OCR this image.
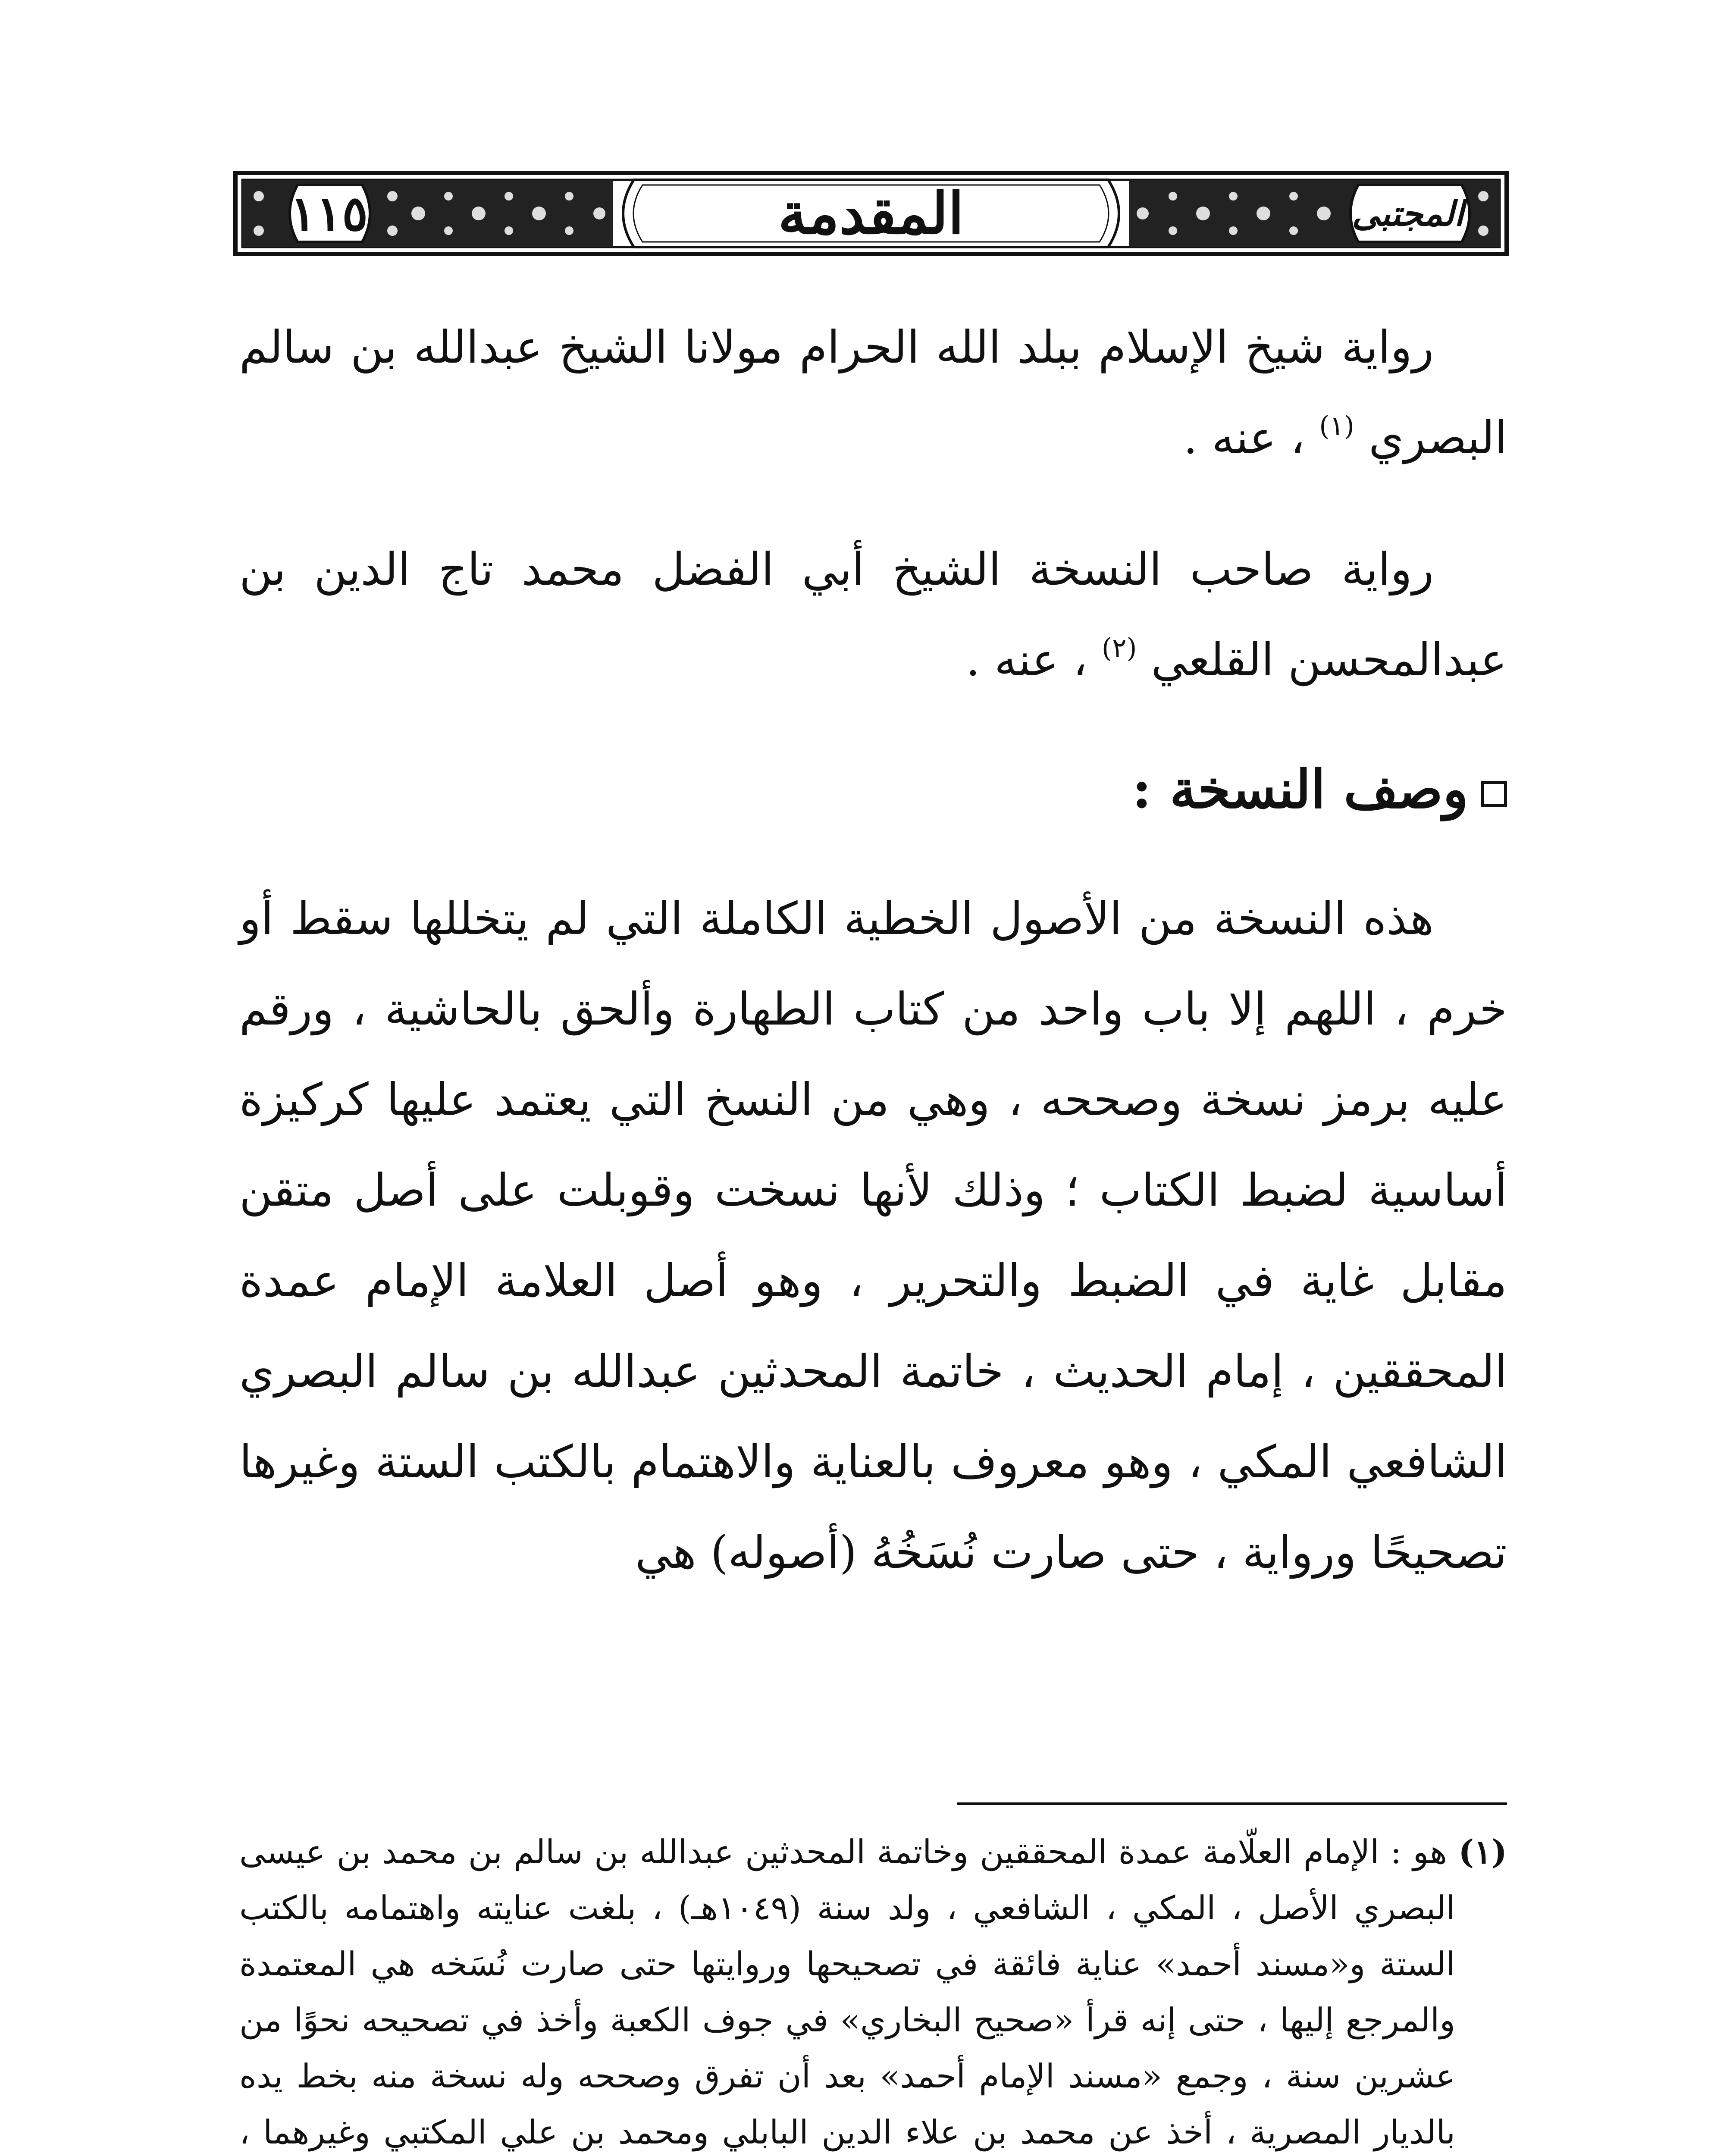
١١٥	المقدمة	المجتبى

رواية شيخ الإسلام ببلد الله الحرام مولانا الشيخ عبدالله بن سالم البصري $^{(١)}$ ، عنه .

رواية صاحب النسخة الشيخ أبي الفضل محمد تاج الدين بن عبدالمحسن القلعي $^{(٢)}$ ، عنه .

وصف النسخة :

هذه النسخة من الأصول الخطية الكاملة التي لم يتخللها سقط أو خرم ، اللهم إلا باب واحد من كتاب الطهارة وألحق بالحاشية ، ورقم عليه برمز نسخة وصححه ، وهي من النسخ التي يعتمد عليها كركيزة أساسية لضبط الكتاب ؛ وذلك لأنها نسخت وقوبلت على أصل متقن مقابل غاية في الضبط والتحرير ، وهو أصل العلامة الإمام عمدة المحققين ، إمام الحديث ، خاتمة المحدثين عبدالله بن سالم البصري الشافعي المكي ، وهو معروف بالعناية والاهتمام بالكتب الستة وغيرها تصحيحًا ورواية ، حتى صارت نُسَخُهُ (أصوله) هي

(١) هو : الإمام العلّامة عمدة المحققين وخاتمة المحدثين عبدالله بن سالم بن محمد بن عيسى البصري الأصل ، المكي ، الشافعي ، ولد سنة (١٠٤٩هـ) ، بلغت عنايته واهتمامه بالكتب الستة و«مسند أحمد» عناية فائقة في تصحيحها وروايتها حتى صارت نُسَخه هي المعتمدة والمرجع إليها ، حتى إنه قرأ «صحيح البخاري» في جوف الكعبة وأخذ في تصحيحه نحوًا من عشرين سنة ، وجمع «مسند الإمام أحمد» بعد أن تفرق وصححه وله نسخة منه بخط يده بالديار المصرية ، أخذ عن محمد بن علاء الدين البابلي ومحمد بن علي المكتبي وغيرهما ،
